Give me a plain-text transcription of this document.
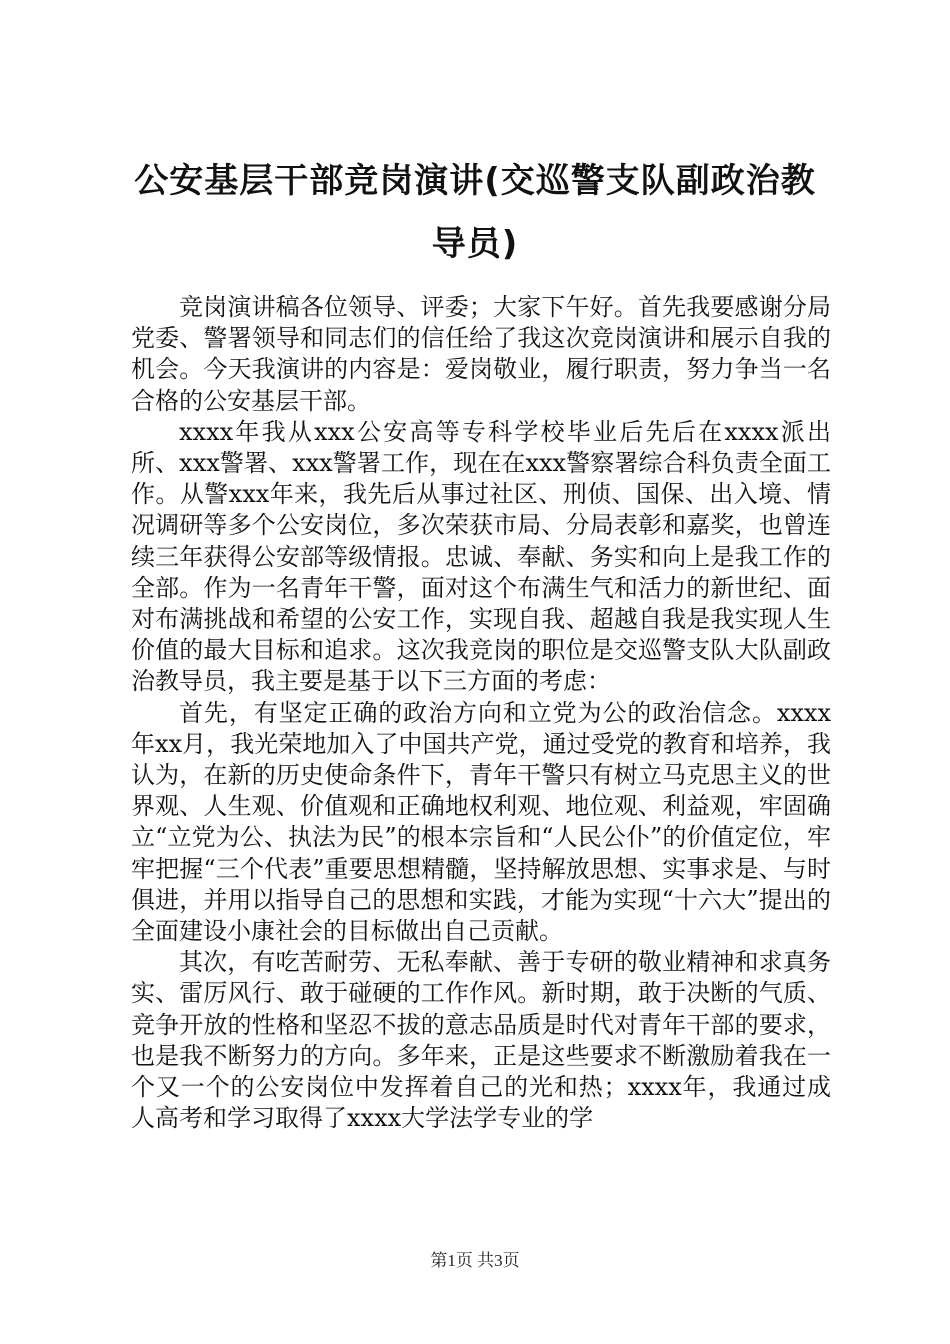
公安基层干部竞岗演讲(交巡警支队副政治教
导员)

竞岗演讲稿各位领导、评委；大家下午好。首先我要感谢分局党委、警署领导和同志们的信任给了我这次竞岗演讲和展示自我的机会。今天我演讲的内容是：爱岗敬业，履行职责，努力争当一名合格的公安基层干部。

xxxx年我从xxx公安高等专科学校毕业后先后在xxxx派出所、xxx警署、xxx警署工作，现在在xxx警察署综合科负责全面工作。从警xxx年来，我先后从事过社区、刑侦、国保、出入境、情况调研等多个公安岗位，多次荣获市局、分局表彰和嘉奖，也曾连续三年获得公安部等级情报。忠诚、奉献、务实和向上是我工作的全部。作为一名青年干警，面对这个布满生气和活力的新世纪、面对布满挑战和希望的公安工作，实现自我、超越自我是我实现人生价值的最大目标和追求。这次我竞岗的职位是交巡警支队大队副政治教导员，我主要是基于以下三方面的考虑：

首先，有坚定正确的政治方向和立党为公的政治信念。xxxx年xx月，我光荣地加入了中国共产党，通过受党的教育和培养，我认为，在新的历史使命条件下，青年干警只有树立马克思主义的世界观、人生观、价值观和正确地权利观、地位观、利益观，牢固确立“立党为公、执法为民”的根本宗旨和“人民公仆”的价值定位，牢牢把握“三个代表”重要思想精髓，坚持解放思想、实事求是、与时俱进，并用以指导自己的思想和实践，才能为实现“十六大”提出的全面建设小康社会的目标做出自己贡献。

其次，有吃苦耐劳、无私奉献、善于专研的敬业精神和求真务实、雷厉风行、敢于碰硬的工作作风。新时期，敢于决断的气质、竞争开放的性格和坚忍不拔的意志品质是时代对青年干部的要求，也是我不断努力的方向。多年来，正是这些要求不断激励着我在一个又一个的公安岗位中发挥着自己的光和热；xxxx年，我通过成人高考和学习取得了xxxx大学法学专业的学

第1页 共3页
